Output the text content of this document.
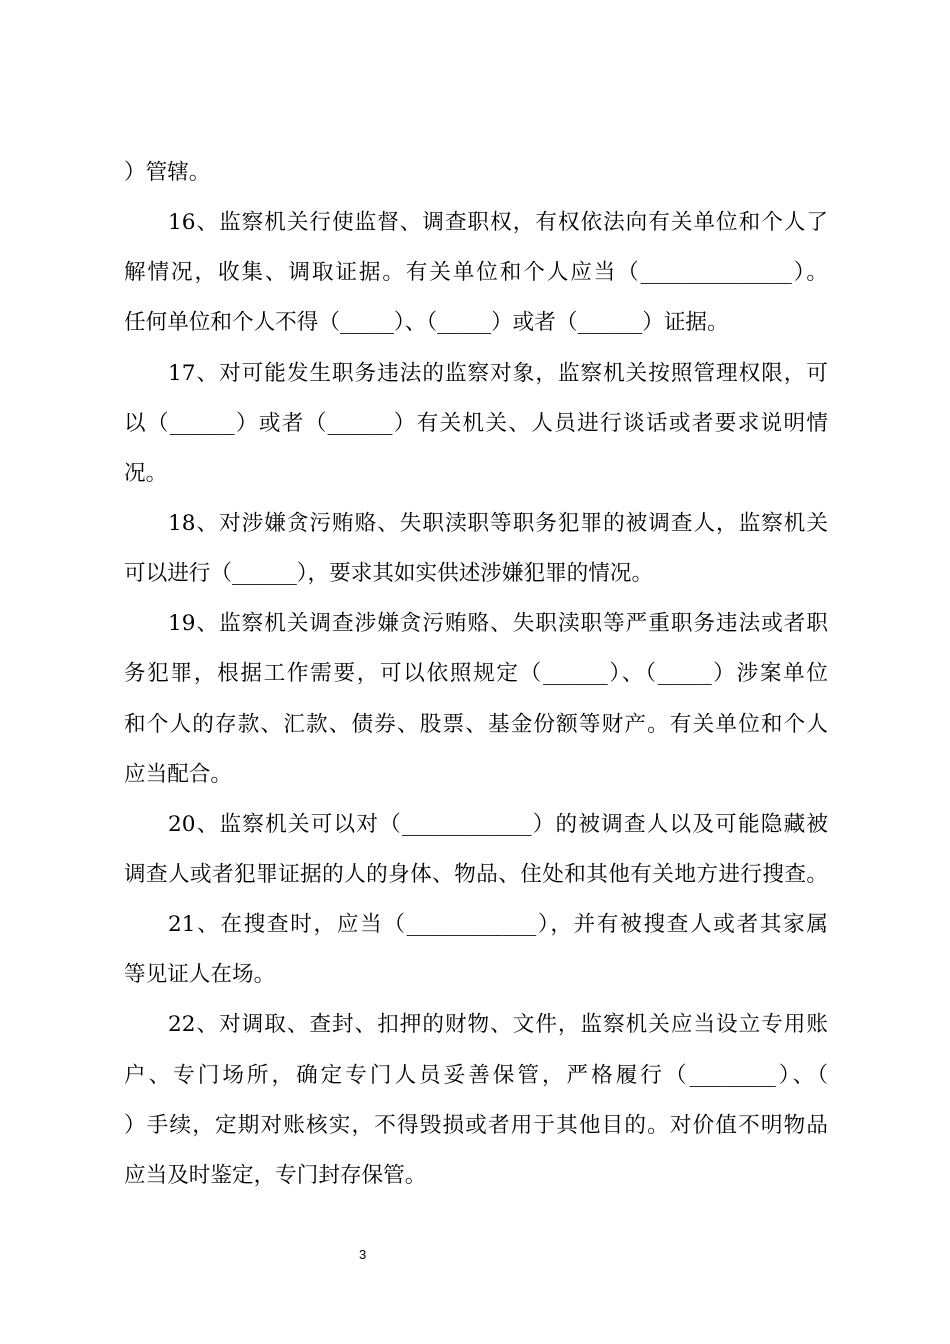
）管辖。
16、监察机关行使监督、调查职权，有权依法向有关单位和个人了
解情况，收集、调取证据。有关单位和个人应当（______________）。
任何单位和个人不得（_____）、（_____）或者（______）证据。
17、对可能发生职务违法的监察对象，监察机关按照管理权限，可
以（______）或者（______）有关机关、人员进行谈话或者要求说明情
况。
18、对涉嫌贪污贿赂、失职渎职等职务犯罪的被调查人，监察机关
可以进行（______），要求其如实供述涉嫌犯罪的情况。
19、监察机关调查涉嫌贪污贿赂、失职渎职等严重职务违法或者职
务犯罪，根据工作需要，可以依照规定（______）、（_____）涉案单位
和个人的存款、汇款、债券、股票、基金份额等财产。有关单位和个人
应当配合。
20、监察机关可以对（____________）的被调查人以及可能隐藏被
调查人或者犯罪证据的人的身体、物品、住处和其他有关地方进行搜查。
21、在搜查时，应当（____________），并有被搜查人或者其家属
等见证人在场。
22、对调取、查封、扣押的财物、文件，监察机关应当设立专用账
户、专门场所，确定专门人员妥善保管，严格履行（________）、（
）手续，定期对账核实，不得毁损或者用于其他目的。对价值不明物品
应当及时鉴定，专门封存保管。
3
